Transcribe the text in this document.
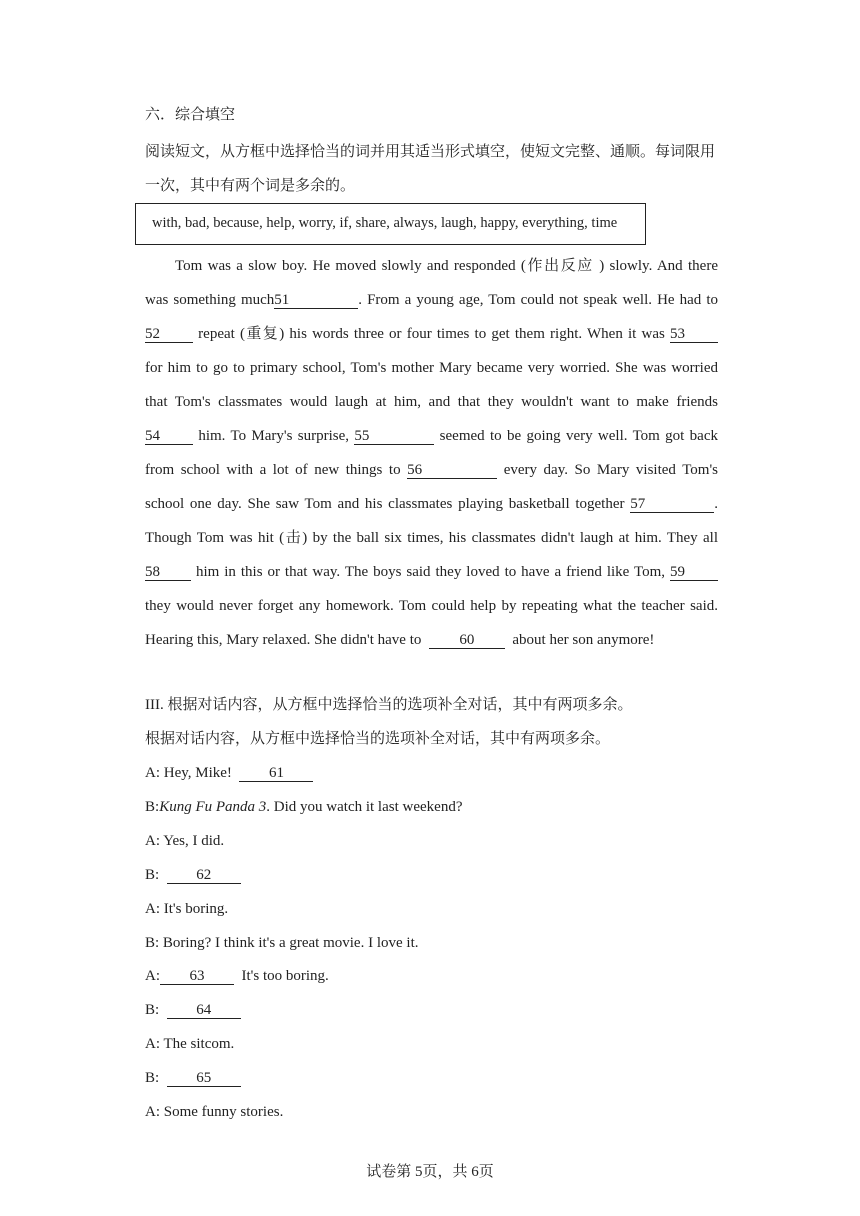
六．综合填空
阅读短文，从方框中选择恰当的词并用其适当形式填空，使短文完整、通顺。每词限用
一次，其中有两个词是多余的。
with, bad, because, help, worry, if, share, always, laugh, happy, everything, time
Tom was a slow boy. He moved slowly and responded (作出反应 ) slowly. And there
was something much51	. From a young age, Tom could not speak well. He had to
52	repeat (重复) his words three or four times to get them right. When it was 53
for him to go to primary school, Tom's mother Mary became very worried. She was worried
that Tom's classmates would laugh at him, and that they wouldn't want to make friends
54	him. To Mary's surprise, 55	seemed to be going very well. Tom got back
from school with a lot of new things to 56	every day. So Mary visited Tom's
school one day. She saw Tom and his classmates playing basketball together 57	.
Though Tom was hit (击) by the ball six times, his classmates didn't laugh at him. They all
58 him in this or that way. The boys said they loved to have a friend like Tom, 59
they would never forget any homework. Tom could help by repeating what the teacher said.
Hearing this, Mary relaxed. She didn't have to	60	about her son anymore!
III. 根据对话内容，从方框中选择恰当的选项补全对话，其中有两项多余。
根据对话内容，从方框中选择恰当的选项补全对话，其中有两项多余。
A: Hey, Mike! 61
B:Kung Fu Panda 3. Did you watch it last weekend?
A: Yes, I did.
B: 62
A: It's boring.
B: Boring? I think it's a great movie. I love it.
A: 63 It's too boring.
B: 64
A: The sitcom.
B: 65
A: Some funny stories.
试卷第 5页，共 6页
